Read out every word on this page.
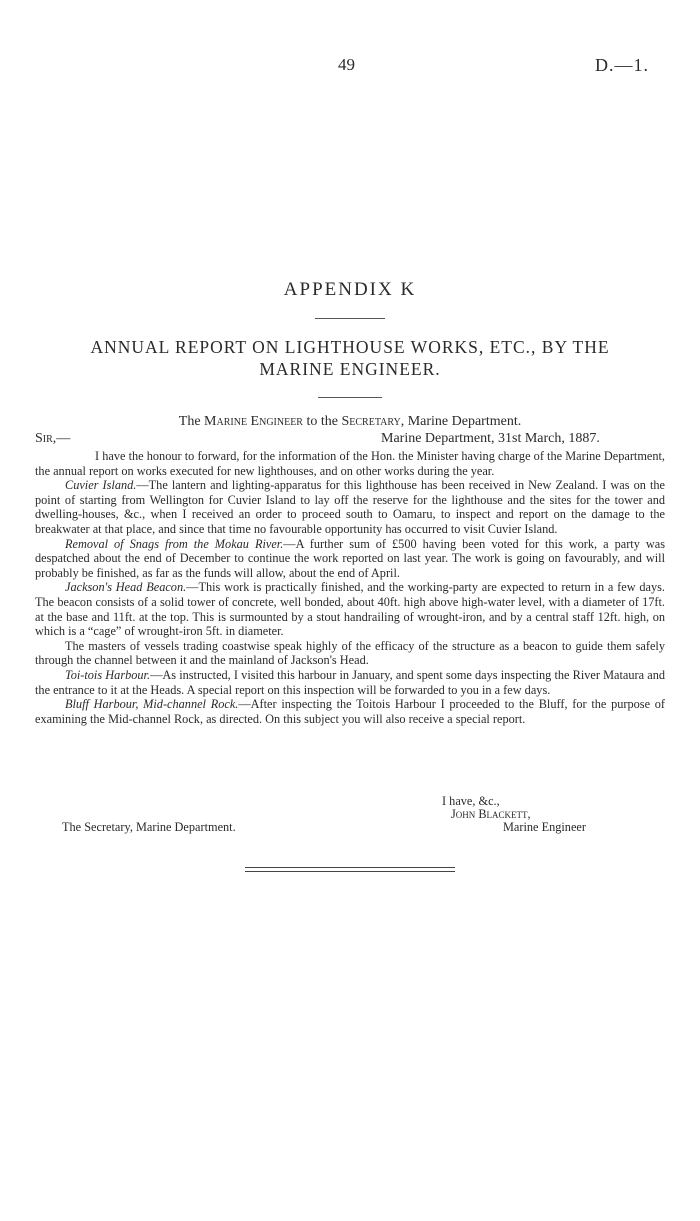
49	D.—1.
APPENDIX K
ANNUAL REPORT ON LIGHTHOUSE WORKS, ETC., BY THE
MARINE ENGINEER.
The Marine Engineer to the Secretary, Marine Department.
Sir,—	Marine Department, 31st March, 1887.

I have the honour to forward, for the information of the Hon. the Minister having charge of the Marine Department, the annual report on works executed for new lighthouses, and on other works during the year.

Cuvier Island.—The lantern and lighting-apparatus for this lighthouse has been received in New Zealand. I was on the point of starting from Wellington for Cuvier Island to lay off the reserve for the lighthouse and the sites for the tower and dwelling-houses, &c., when I received an order to proceed south to Oamaru, to inspect and report on the damage to the breakwater at that place, and since that time no favourable opportunity has occurred to visit Cuvier Island.

Removal of Snags from the Mokau River.—A further sum of £500 having been voted for this work, a party was despatched about the end of December to continue the work reported on last year. The work is going on favourably, and will probably be finished, as far as the funds will allow, about the end of April.

Jackson's Head Beacon.—This work is practically finished, and the working-party are expected to return in a few days. The beacon consists of a solid tower of concrete, well bonded, about 40ft. high above high-water level, with a diameter of 17ft. at the base and 11ft. at the top. This is surmounted by a stout handrailing of wrought-iron, and by a central staff 12ft. high, on which is a “cage” of wrought-iron 5ft. in diameter.

The masters of vessels trading coastwise speak highly of the efficacy of the structure as a beacon to guide them safely through the channel between it and the mainland of Jackson's Head.

Toi-tois Harbour.—As instructed, I visited this harbour in January, and spent some days inspecting the River Mataura and the entrance to it at the Heads. A special report on this inspection will be forwarded to you in a few days.

Bluff Harbour, Mid-channel Rock.—After inspecting the Toitois Harbour I proceeded to the Bluff, for the purpose of examining the Mid-channel Rock, as directed. On this subject you will also receive a special report.

I have, &c.,
John Blackett,
Marine Engineer
The Secretary, Marine Department.
